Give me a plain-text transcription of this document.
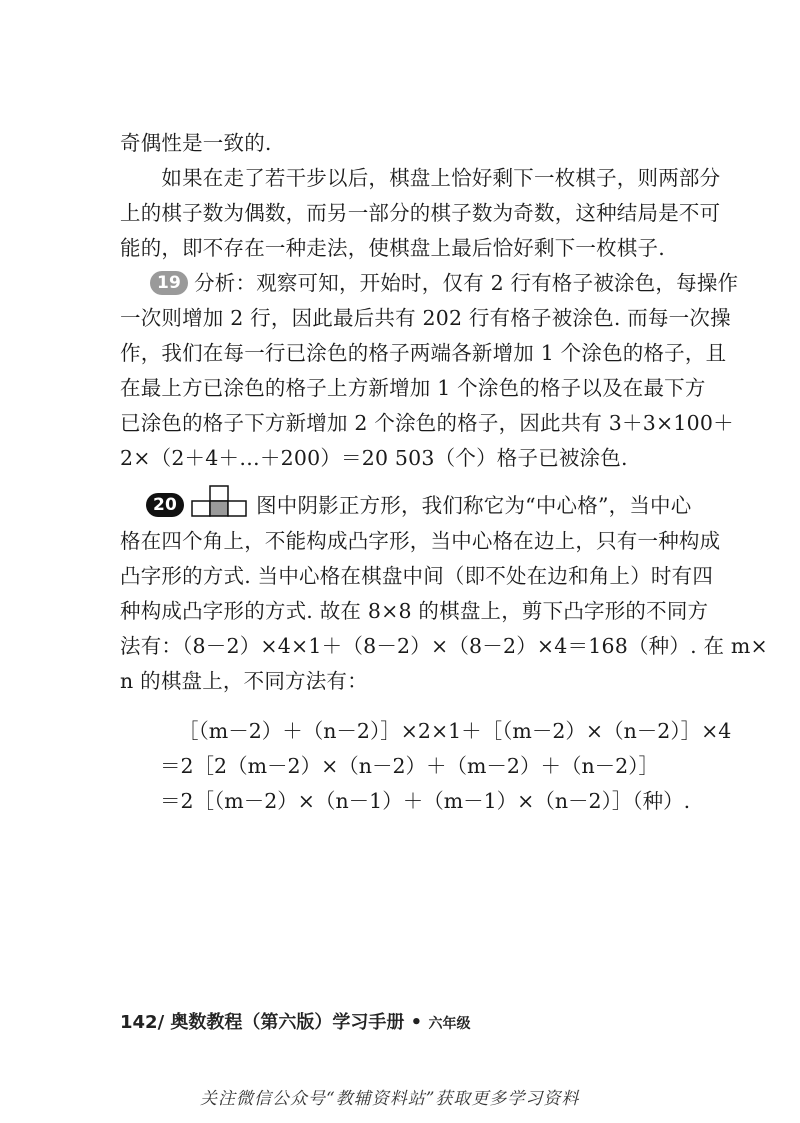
奇偶性是一致的.
　　如果在走了若干步以后，棋盘上恰好剩下一枚棋子，则两部分
上的棋子数为偶数，而另一部分的棋子数为奇数，这种结局是不可
能的，即不存在一种走法，使棋盘上最后恰好剩下一枚棋子.
19 分析：观察可知，开始时，仅有 2 行有格子被涂色，每操作
一次则增加 2 行，因此最后共有 202 行有格子被涂色. 而每一次操
作，我们在每一行已涂色的格子两端各新增加 1 个涂色的格子，且
在最上方已涂色的格子上方新增加 1 个涂色的格子以及在最下方
已涂色的格子下方新增加 2 个涂色的格子，因此共有 3＋3×100＋
2×（2＋4＋…＋200）＝20 503（个）格子已被涂色.
20	图中阴影正方形，我们称它为“中心格”，当中心
格在四个角上，不能构成凸字形，当中心格在边上，只有一种构成
凸字形的方式. 当中心格在棋盘中间（即不处在边和角上）时有四
种构成凸字形的方式. 故在 8×8 的棋盘上，剪下凸字形的不同方
法有：（8－2）×4×1＋（8－2）×（8－2）×4＝168（种）. 在 m×
n 的棋盘上，不同方法有：
［（m－2）＋（n－2）］×2×1＋［（m－2）×（n－2）］×4
＝2［2（m－2）×（n－2）＋（m－2）＋（n－2）］
＝2［（m－2）×（n－1）＋（m－1）×（n－2）］（种）.
142/ 奥数教程（第六版）学习手册 • 六年级
关注微信公众号“教辅资料站”获取更多学习资料
